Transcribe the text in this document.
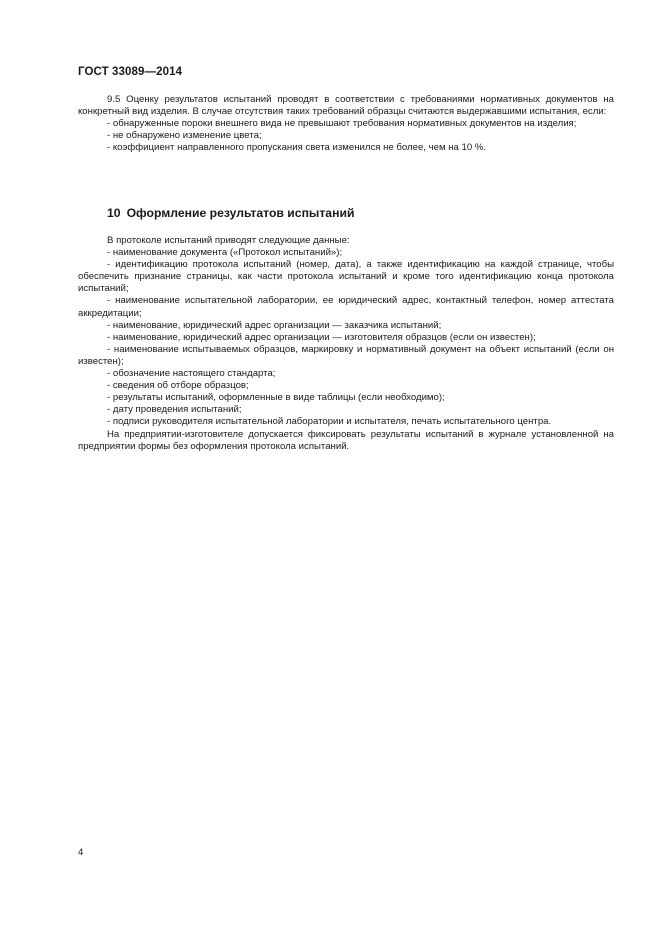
ГОСТ 33089—2014

9.5 Оценку результатов испытаний проводят в соответствии с требованиями нормативных документов на конкретный вид изделия. В случае отсутствия таких требований образцы считаются выдержавшими испытания, если:

- обнаруженные пороки внешнего вида не превышают требования нормативных документов на изделия;

- не обнаружено изменение цвета;

- коэффициент направленного пропускания света изменился не более, чем на 10 %.

10 Оформление результатов испытаний

В протоколе испытаний приводят следующие данные:

- наименование документа («Протокол испытаний»);

- идентификацию протокола испытаний (номер, дата), а также идентификацию на каждой странице, чтобы обеспечить признание страницы, как части протокола испытаний и кроме того идентификацию конца протокола испытаний;

- наименование испытательной лаборатории, ее юридический адрес, контактный телефон, номер аттестата аккредитации;

- наименование, юридический адрес организации — заказчика испытаний;

- наименование, юридический адрес организации — изготовителя образцов (если он известен);

- наименование испытываемых образцов, маркировку и нормативный документ на объект испытаний (если он известен);

- обозначение настоящего стандарта;

- сведения об отборе образцов;

- результаты испытаний, оформленные в виде таблицы (если необходимо);

- дату проведения испытаний;

- подписи руководителя испытательной лаборатории и испытателя, печать испытательного центра.

На предприятии-изготовителе допускается фиксировать результаты испытаний в журнале установленной на предприятии формы без оформления протокола испытаний.

4
